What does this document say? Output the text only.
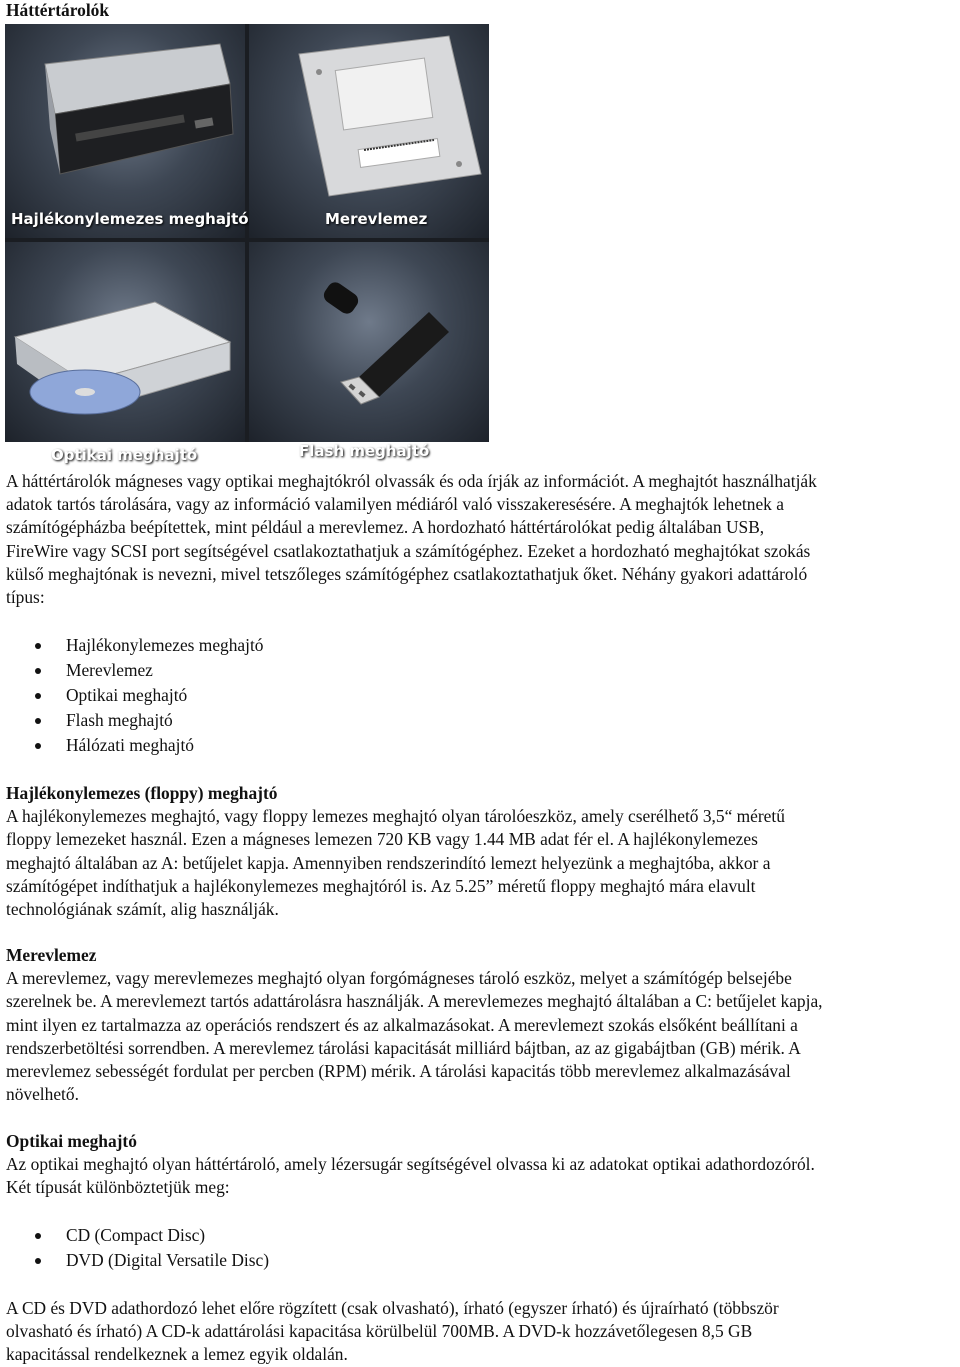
Háttértárolók
Hajlékonylemezes meghajtó	Merevlemez
Optikai meghajtó	Flash meghajtó

A háttértárolók mágneses vagy optikai meghajtókról olvassák és oda írják az információt. A meghajtót használhatják

adatok tartós tárolására, vagy az információ valamilyen médiáról való visszakeresésére. A meghajtók lehetnek a

számítógépházba beépítettek, mint például a merevlemez. A hordozható háttértárolókat pedig általában USB,

FireWire vagy SCSI port segítségével csatlakoztathatjuk a számítógéphez. Ezeket a hordozható meghajtókat szokás

külső meghajtónak is nevezni, mivel tetszőleges számítógéphez csatlakoztathatjuk őket. Néhány gyakori adattároló

típus:

Hajlékonylemezes meghajtó
Merevlemez
Optikai meghajtó
Flash meghajtó
Hálózati meghajtó

Hajlékonylemezes (floppy) meghajtó

A hajlékonylemezes meghajtó, vagy floppy lemezes meghajtó olyan tárolóeszköz, amely cserélhető 3,5“ méretű

floppy lemezeket használ. Ezen a mágneses lemezen 720 KB vagy 1.44 MB adat fér el. A hajlékonylemezes

meghajtó általában az A: betűjelet kapja. Amennyiben rendszerindító lemezt helyezünk a meghajtóba, akkor a

számítógépet indíthatjuk a hajlékonylemezes meghajtóról is. Az 5.25” méretű floppy meghajtó mára elavult

technológiának számít, alig használják.

Merevlemez

A merevlemez, vagy merevlemezes meghajtó olyan forgómágneses tároló eszköz, melyet a számítógép belsejébe

szerelnek be. A merevlemezt tartós adattárolásra használják. A merevlemezes meghajtó általában a C: betűjelet kapja,

mint ilyen ez tartalmazza az operációs rendszert és az alkalmazásokat. A merevlemezt szokás elsőként beállítani a

rendszerbetöltési sorrendben. A merevlemez tárolási kapacitását milliárd bájtban, az az gigabájtban (GB) mérik. A

merevlemez sebességét fordulat per percben (RPM) mérik. A tárolási kapacitás több merevlemez alkalmazásával

növelhető.

Optikai meghajtó

Az optikai meghajtó olyan háttértároló, amely lézersugár segítségével olvassa ki az adatokat optikai adathordozóról.

Két típusát különböztetjük meg:

CD (Compact Disc)
DVD (Digital Versatile Disc)

A CD és DVD adathordozó lehet előre rögzített (csak olvasható), írható (egyszer írható) és újraírható (többször

olvasható és írható) A CD-k adattárolási kapacitása körülbelül 700MB. A DVD-k hozzávetőlegesen 8,5 GB

kapacitással rendelkeznek a lemez egyik oldalán.
